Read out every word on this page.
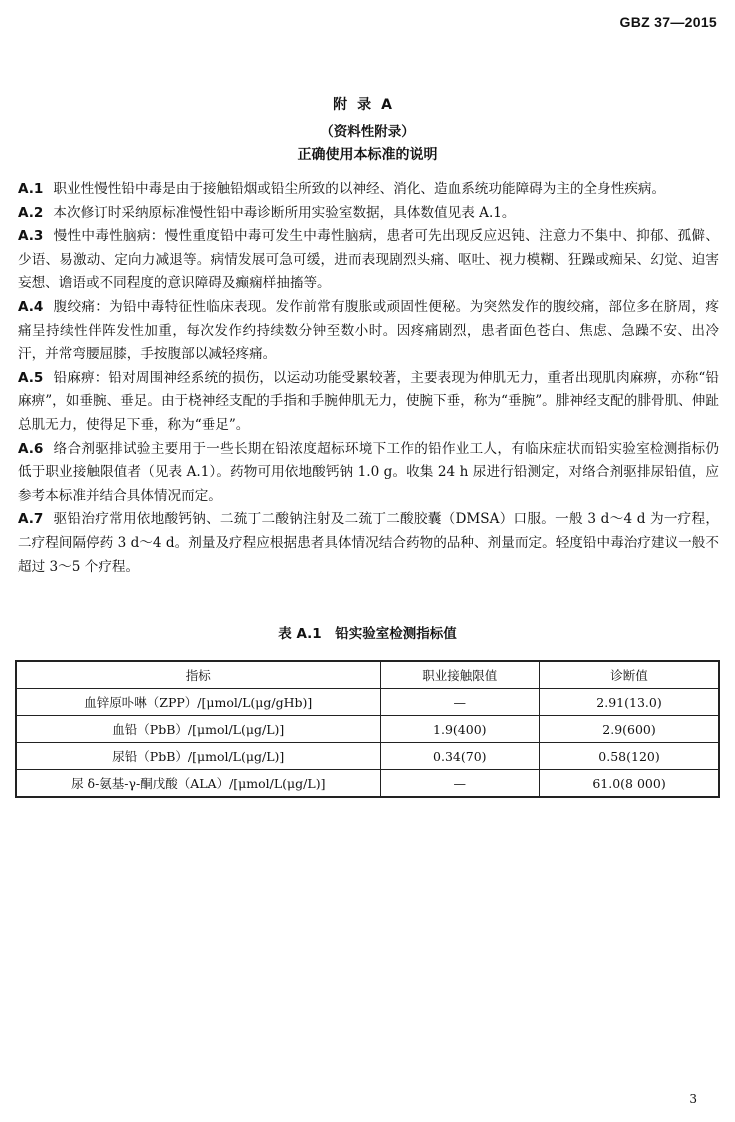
GBZ 37—2015
附录A
（资料性附录）
正确使用本标准的说明

A.1 职业性慢性铅中毒是由于接触铅烟或铅尘所致的以神经、消化、造血系统功能障碍为主的全身性疾病。

A.2 本次修订时采纳原标准慢性铅中毒诊断所用实验室数据，具体数值见表 A.1。

A.3 慢性中毒性脑病：慢性重度铅中毒可发生中毒性脑病，患者可先出现反应迟钝、注意力不集中、抑郁、孤僻、少语、易激动、定向力减退等。病情发展可急可缓，进而表现剧烈头痛、呕吐、视力模糊、狂躁或痴呆、幻觉、迫害妄想、谵语或不同程度的意识障碍及癫痫样抽搐等。

A.4 腹绞痛：为铅中毒特征性临床表现。发作前常有腹胀或顽固性便秘。为突然发作的腹绞痛，部位多在脐周，疼痛呈持续性伴阵发性加重，每次发作约持续数分钟至数小时。因疼痛剧烈，患者面色苍白、焦虑、急躁不安、出冷汗，并常弯腰屈膝，手按腹部以减轻疼痛。

A.5 铅麻痹：铅对周围神经系统的损伤，以运动功能受累较著，主要表现为伸肌无力，重者出现肌肉麻痹，亦称“铅麻痹”，如垂腕、垂足。由于桡神经支配的手指和手腕伸肌无力，使腕下垂，称为“垂腕”。腓神经支配的腓骨肌、伸趾总肌无力，使得足下垂，称为“垂足”。

A.6 络合剂驱排试验主要用于一些长期在铅浓度超标环境下工作的铅作业工人，有临床症状而铅实验室检测指标仍低于职业接触限值者（见表 A.1）。药物可用依地酸钙钠 1.0 g。收集 24 h 尿进行铅测定，对络合剂驱排尿铅值，应参考本标准并结合具体情况而定。

A.7 驱铅治疗常用依地酸钙钠、二巯丁二酸钠注射及二巯丁二酸胶囊（DMSA）口服。一般 3 d～4 d 为一疗程，二疗程间隔停药 3 d～4 d。剂量及疗程应根据患者具体情况结合药物的品种、剂量而定。轻度铅中毒治疗建议一般不超过 3～5 个疗程。

表 A.1　铅实验室检测指标值
指标	职业接触限值	诊断值
血锌原卟啉（ZPP）/[μmol/L(μg/gHb)]	—	2.91(13.0)
血铅（PbB）/[μmol/L(μg/L)]	1.9(400)	2.9(600)
尿铅（PbB）/[μmol/L(μg/L)]	0.34(70)	0.58(120)
尿 δ-氨基-γ-酮戊酸（ALA）/[μmol/L(μg/L)]	—	61.0(8 000)
3
